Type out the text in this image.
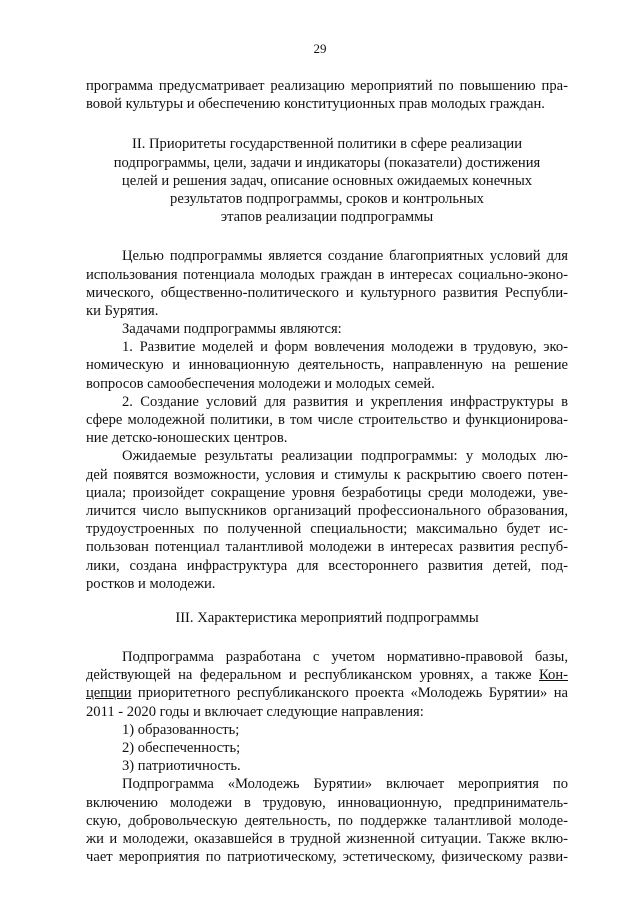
29
программа предусматривает реализацию мероприятий по повышению пра-
вовой культуры и обеспечению конституционных прав молодых граждан.
II. Приоритеты государственной политики в сфере реализации
подпрограммы, цели, задачи и индикаторы (показатели) достижения
целей и решения задач, описание основных ожидаемых конечных
результатов подпрограммы, сроков и контрольных
этапов реализации подпрограммы
Целью подпрограммы является создание благоприятных условий для
использования потенциала молодых граждан в интересах социально-эконо-
мического, общественно-политического и культурного развития Республи-
ки Бурятия.
Задачами подпрограммы являются:
1. Развитие моделей и форм вовлечения молодежи в трудовую, эко-
номическую и инновационную деятельность, направленную на решение
вопросов самообеспечения молодежи и молодых семей.
2. Создание условий для развития и укрепления инфраструктуры в
сфере молодежной политики, в том числе строительство и функционирова-
ние детско-юношеских центров.
Ожидаемые результаты реализации подпрограммы: у молодых лю-
дей появятся возможности, условия и стимулы к раскрытию своего потен-
циала; произойдет сокращение уровня безработицы среди молодежи, уве-
личится число выпускников организаций профессионального образования,
трудоустроенных по полученной специальности; максимально будет ис-
пользован потенциал талантливой молодежи в интересах развития респуб-
лики, создана инфраструктура для всестороннего развития детей, под-
ростков и молодежи.
III. Характеристика мероприятий подпрограммы
Подпрограмма разработана с учетом нормативно-правовой базы,
действующей на федеральном и республиканском уровнях, а также Кон-
цепции приоритетного республиканского проекта «Молодежь Бурятии» на
2011 - 2020 годы и включает следующие направления:
1) образованность;
2) обеспеченность;
3) патриотичность.
Подпрограмма «Молодежь Бурятии» включает мероприятия по
включению молодежи в трудовую, инновационную, предприниматель-
скую, добровольческую деятельность, по поддержке талантливой молоде-
жи и молодежи, оказавшейся в трудной жизненной ситуации. Также вклю-
чает мероприятия по патриотическому, эстетическому, физическому разви-
